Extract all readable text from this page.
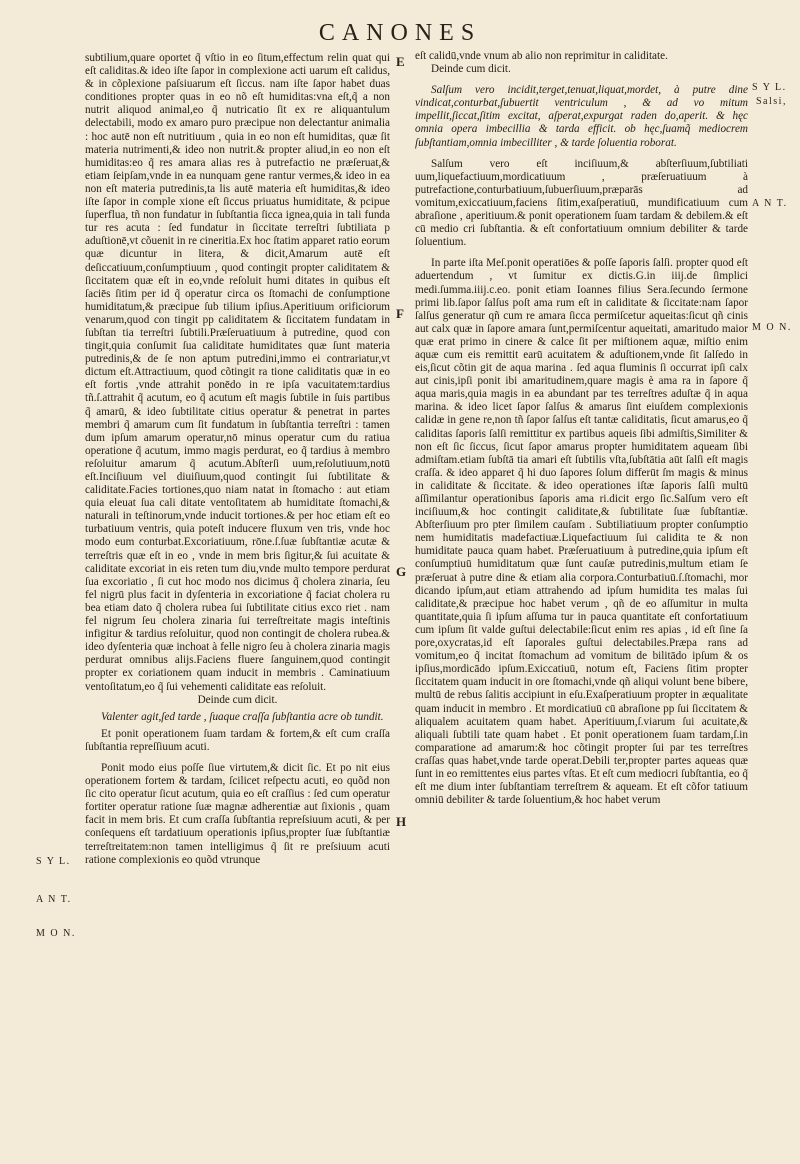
CANONES

subtilium,quare oportet q̃ vſtio in eo ſitum,effectum relin quat qui eſt caliditas.& ideo iſte ſapor in complexione acti uarum eſt calidus, & in cõplexione paſsiuarum eſt ſiccus. nam iſte ſapor habet duas conditiones propter quas in eo nõ eſt humiditas:vna eſt,q̃ a non nutrit aliquod animal,eo q̃ nutricatio ſit ex re aliquantulum delectabili, modo ex amaro puro præcipue non delectantur animalia : hoc autē non eſt nutritiuum , quia in eo non eſt humiditas, quæ ſit materia nutrimenti,& ideo non nutrit.& propter aliud,in eo non eſt humiditas:eo q̃ res amara alias res à putrefactio ne præſeruat,& etiam ſeipſam,vnde in ea nunquam gene rantur vermes,& ideo in ea non eſt materia putredinis,ta lis autē materia eſt humiditas,& ideo iſte ſapor in comple xione eſt ſiccus priuatus humiditate, & pcipue ſuperflua, tñ non fundatur in ſubſtantia ſicca ignea,quia in tali funda tur res acuta : ſed fundatur in ſiccitate terreſtri ſubtiliata p aduſtionē,vt cõuenit in re cineritia.Ex hoc ſtatim apparet ratio eorum quæ dicuntur in litera, & dicit,Amarum autē eſt deſiccatiuum,conſumptiuum , quod contingit propter caliditatem & ſiccitatem quæ eſt in eo,vnde reſoluit humi ditates in quibus eſt ſaciēs ſitim per id q̃ operatur circa os ſtomachi de conſumptione humiditatum,& præcipue ſub tilium ipſius.Aperitiuum orificiorum venarum,quod con tingit pp caliditatem & ſiccitatem fundatam in ſubſtan tia terreſtri ſubtili.Præſeruatiuum à putredine, quod con tingit,quia conſumit ſua caliditate humiditates quæ ſunt materia putredinis,& de ſe non aptum putredini,immo ei contrariatur,vt dictum eſt.Attractiuum, quod cõtingit ra tione caliditatis quæ in eo eſt fortis ,vnde attrahit ponēdo in re ipſa vacuitatem:tardius tñ.ſ.attrahit q̃ acutum, eo q̃ acutum eſt magis ſubtile in ſuis partibus q̃ amarū, & ideo ſubtilitate citius operatur & penetrat in partes membri q̃ amarum cum ſit fundatum in ſubſtantia terreſtri : tamen dum ipſum amarum operatur,nō minus operatur cum du ratiua operatione q̃ acutum, immo magis perdurat, eo q̃ tardius à membro reſoluitur amarum q̃ acutum.Abſterſi uum,reſolutiuum,notū eſt.Inciſiuum vel diuiſiuum,quod contingit ſui ſubtilitate & caliditate.Facies tortiones,quo niam natat in ſtomacho : aut etiam quia eleuat ſua cali ditate ventoſitatem ab humiditate ſtomachi,& naturali in teſtinorum,vnde inducit tortiones.& per hoc etiam eſt eo turbatiuum ventris, quia poteſt inducere fluxum ven tris, vnde hoc modo eum conturbat.Excoriatiuum, rōne.ſ.ſuæ ſubſtantiæ acutæ & terreſtris quæ eſt in eo , vnde in mem bris ſigitur,& ſui acuitate & caliditate excoriat in eis reten tum diu,vnde multo tempore perdurat ſua excoriatio , ſi cut hoc modo nos dicimus q̃ cholera zinaria, ſeu fel nigrū plus facit in dyſenteria in excoriatione q̃ faciat cholera ru bea etiam dato q̃ cholera rubea ſui ſubtilitate citius exco riet . nam fel nigrum ſeu cholera zinaria ſui terreſtreitate magis inteſtinis infigitur & tardius reſoluitur, quod non contingit de cholera rubea.& ideo dyſenteria quæ inchoat à felle nigro ſeu à cholera zinaria magis perdurat omnibus alijs.Faciens fluere ſanguinem,quod contingit propter ex coriationem quam inducit in membris . Caminatiuum ventoſitatum,eo q̃ ſui vehementi caliditate eas reſoluit.

Deinde cum dicit.

Valenter agit,ſed tarde , ſuaque craſſa ſubſtantia acre ob tundit.

Et ponit operationem ſuam tardam & fortem,& eſt cum craſſa ſubſtantia repreſſiuum acuti.

Ponit modo eius poſſe ſiue virtutem,& dicit ſic. Et po nit eius operationem fortem & tardam, ſcilicet reſpectu acuti, eo quõd non ſic cito operatur ſicut acutum, quia eo eſt craſſius : ſed cum operatur fortiter operatur ratione ſuæ magnæ adherentiæ aut ſixionis , quam facit in mem bris. Et cum craſſa ſubſtantia repreſsiuum acuti, & per conſequens eſt tardatiuum operationis ipſius,propter ſuæ ſubſtantiæ terreſtreitatem:non tamen intelligimus q̃ ſit re preſsiuum acuti ratione complexionis eo quõd vtrunque

E
F
G
H
S Y L.
A N T.
M O N.

eſt calidū,vnde vnum ab alio non reprimitur in caliditate.

Deinde cum dicit.

Salſum vero incidit,terget,tenuat,liquat,mordet, à putre dine vindicat,conturbat,ſubuertit ventriculum , & ad vo mitum impellit,ſiccat,ſitim excitat, aſperat,expurgat raden do,aperit. & hęc omnia opera imbecillia & tarda efficit. ob hęc,ſuamq̃ mediocrem ſubſtantiam,omnia imbecilliter , & tarde ſoluentia roborat.

Salſum vero eſt inciſiuum,& abſterſiuum,ſubtiliati uum,liquefactiuum,mordicatiuum , præſeruatiuum à putrefactione,conturbatiuum,ſubuerſiuum,præparās ad vomitum,exiccatiuum,faciens ſitim,exaſperatiuū, mundificatiuum cum abraſione , aperitiuum.& ponit operationem ſuam tardam & debilem.& eſt cū medio cri ſubſtantia. & eſt confortatiuum omnium debiliter & tarde ſoluentium.

In parte iſta Meſ.ponit operatiōes & poſſe ſaporis ſalſi. propter quod eſt aduertendum , vt ſumitur ex dictis.G.in iiij.de ſimplici medi.ſumma.iiij.c.eo. ponit etiam Ioannes filius Sera.ſecundo ſermone primi lib.ſapor ſalſus poſt ama rum eſt in caliditate & ſiccitate:nam ſapor ſalſus generatur qñ cum re amara ſicca permiſcetur aqueitas:ſicut qñ cinis aut calx quæ in ſapore amara ſunt,permiſcentur aqueitati, amaritudo maior quæ erat primo in cinere & calce ſit per miſtionem aquæ, miſtio enim aquæ cum eis remittit earū acuitatem & aduſtionem,vnde ſit ſalſedo in eis,ſicut cõtin git de aqua marina . ſed aqua fluminis ſi occurrat ipſi calx aut cinis,ipſi ponit ibi amaritudinem,quare magis è ama ra in ſapore q̃ aqua maris,quia magis in ea abundant par tes terreſtres aduſtæ q̃ in aqua marina. & ideo licet ſapor ſalſus & amarus ſint eiuſdem complexionis calidæ in gene re,non tñ ſapor ſalſus eſt tantæ caliditatis, ſicut amarus,eo q̃ caliditas ſaporis ſalſi remittitur ex partibus aqueis ſibi admiſtis,Similiter & non eſt ſic ſiccus, ſicut ſapor amarus propter humiditatem aqueam ſibi admiſtam.etiam ſubſtā tia amari eſt ſubtilis vſta,ſubſtātia aūt ſalſi eſt magis craſſa. & ideo apparet q̃ hi duo ſapores ſolum differūt ſm magis & minus in caliditate & ſiccitate. & ideo operationes iſtæ ſaporis ſalſi multū aſſimilantur operationibus ſaporis ama ri.dicit ergo ſic.Salſum vero eſt inciſiuum,& hoc contingit caliditate,& ſubtilitate ſuæ ſubſtantiæ. Abſterſiuum pro pter ſimilem cauſam . Subtiliatiuum propter conſumptio nem humiditatis madefactiuæ.Liquefactiuum ſui calidita te & non humiditate pauca quam habet. Præſeruatiuum à putredine,quia ipſum eſt conſumptiuū humiditatum quæ ſunt cauſæ putredinis,multum etiam ſe præſeruat à putre dine & etiam alia corpora.Conturbatiuū.ſ.ſtomachi, mor dicando ipſum,aut etiam attrahendo ad ipſum humidita tes malas ſui caliditate,& præcipue hoc habet verum , qñ de eo aſſumitur in multa quantitate,quia ſi ipſum aſſuma tur in pauca quantitate eſt confortatiuum cum ipſum ſit valde guſtui delectabile:ſicut enim res apias , id eſt ſine ſa pore,oxycratas,id eſt ſaporales guſtui delectabiles.Præpa rans ad vomitum,eo q̃ incitat ſtomachum ad vomitum de bilitādo ipſum & os ipſius,mordicādo ipſum.Exiccatiuū, notum eſt, Faciens ſitim propter ſiccitatem quam inducit in ore ſtomachi,vnde qñ aliqui volunt bene bibere, multū de rebus ſalitis accipiunt in eſu.Exaſperatiuum propter in æqualitate quam inducit in membro . Et mordicatiuū cū abraſione pp ſui ſiccitatem & aliqualem acuitatem quam habet. Aperitiuum,ſ.viarum ſui acuitate,& aliquali ſubtili tate quam habet . Et ponit operationem ſuam tardam,ſ.in comparatione ad amarum:& hoc cõtingit propter ſui par tes terreſtres craſſas quas habet,vnde tarde operat.Debili ter,propter partes aqueas quæ ſunt in eo remittentes eius partes vſtas. Et eſt cum mediocri ſubſtantia, eo q̃ eſt me dium inter ſubſtantiam terreſtrem & aqueam. Et eſt cõfor tatiuum omniū debiliter & tarde ſoluentium,& hoc habet verum

S Y L.
Salsi,
A N T.
M O N.
